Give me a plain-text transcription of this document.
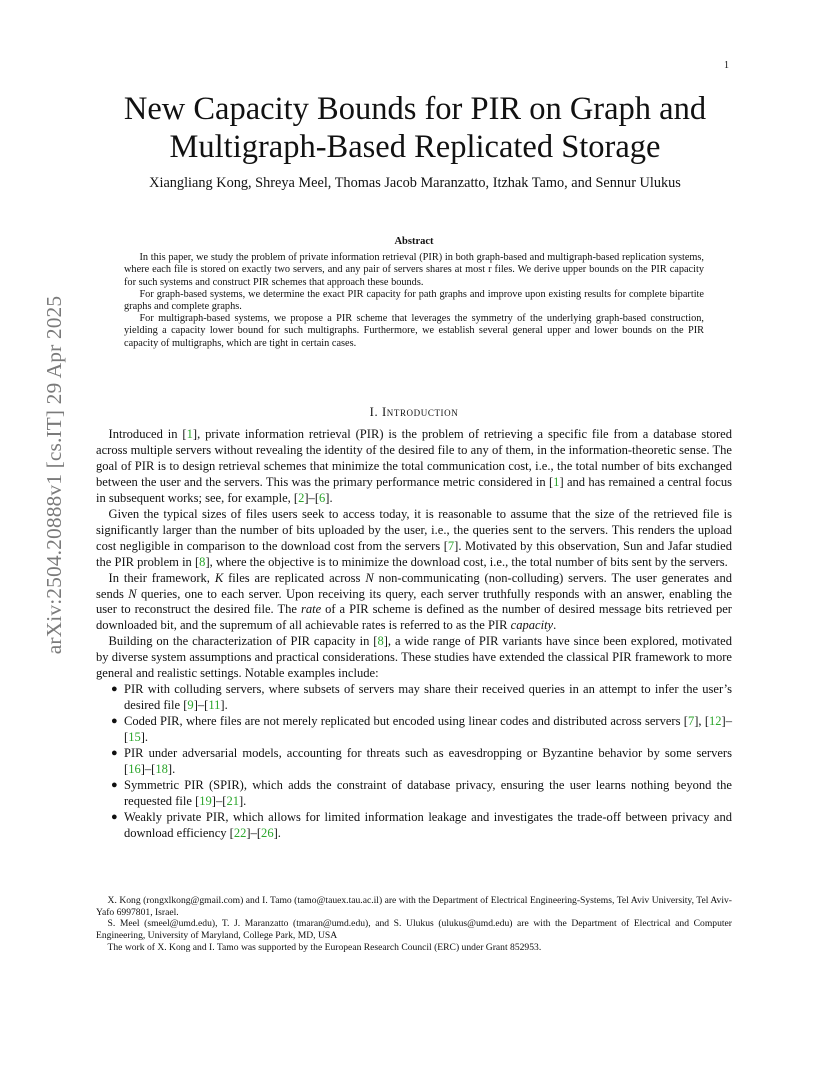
1
arXiv:2504.20888v1 [cs.IT] 29 Apr 2025
New Capacity Bounds for PIR on Graph and Multigraph-Based Replicated Storage
Xiangliang Kong, Shreya Meel, Thomas Jacob Maranzatto, Itzhak Tamo, and Sennur Ulukus
Abstract

In this paper, we study the problem of private information retrieval (PIR) in both graph-based and multigraph-based replication systems, where each file is stored on exactly two servers, and any pair of servers shares at most r files. We derive upper bounds on the PIR capacity for such systems and construct PIR schemes that approach these bounds.

For graph-based systems, we determine the exact PIR capacity for path graphs and improve upon existing results for complete bipartite graphs and complete graphs.

For multigraph-based systems, we propose a PIR scheme that leverages the symmetry of the underlying graph-based construction, yielding a capacity lower bound for such multigraphs. Furthermore, we establish several general upper and lower bounds on the PIR capacity of multigraphs, which are tight in certain cases.

I. Introduction

Introduced in [1], private information retrieval (PIR) is the problem of retrieving a specific file from a database stored across multiple servers without revealing the identity of the desired file to any of them, in the information-theoretic sense. The goal of PIR is to design retrieval schemes that minimize the total communication cost, i.e., the total number of bits exchanged between the user and the servers. This was the primary performance metric considered in [1] and has remained a central focus in subsequent works; see, for example, [2]–[6].

Given the typical sizes of files users seek to access today, it is reasonable to assume that the size of the retrieved file is significantly larger than the number of bits uploaded by the user, i.e., the queries sent to the servers. This renders the upload cost negligible in comparison to the download cost from the servers [7]. Motivated by this observation, Sun and Jafar studied the PIR problem in [8], where the objective is to minimize the download cost, i.e., the total number of bits sent by the servers.

In their framework, K files are replicated across N non-communicating (non-colluding) servers. The user generates and sends N queries, one to each server. Upon receiving its query, each server truthfully responds with an answer, enabling the user to reconstruct the desired file. The rate of a PIR scheme is defined as the number of desired message bits retrieved per downloaded bit, and the supremum of all achievable rates is referred to as the PIR capacity.

Building on the characterization of PIR capacity in [8], a wide range of PIR variants have since been explored, motivated by diverse system assumptions and practical considerations. These studies have extended the classical PIR framework to more general and realistic settings. Notable examples include:

● PIR with colluding servers, where subsets of servers may share their received queries in an attempt to infer the user’s desired file [9]–[11].
● Coded PIR, where files are not merely replicated but encoded using linear codes and distributed across servers [7], [12]–[15].
● PIR under adversarial models, accounting for threats such as eavesdropping or Byzantine behavior by some servers [16]–[18].
● Symmetric PIR (SPIR), which adds the constraint of database privacy, ensuring the user learns nothing beyond the requested file [19]–[21].
● Weakly private PIR, which allows for limited information leakage and investigates the trade-off between privacy and download efficiency [22]–[26].

X. Kong (rongxlkong@gmail.com) and I. Tamo (tamo@tauex.tau.ac.il) are with the Department of Electrical Engineering-Systems, Tel Aviv University, Tel Aviv-Yafo 6997801, Israel.

S. Meel (smeel@umd.edu), T. J. Maranzatto (tmaran@umd.edu), and S. Ulukus (ulukus@umd.edu) are with the Department of Electrical and Computer Engineering, University of Maryland, College Park, MD, USA

The work of X. Kong and I. Tamo was supported by the European Research Council (ERC) under Grant 852953.
